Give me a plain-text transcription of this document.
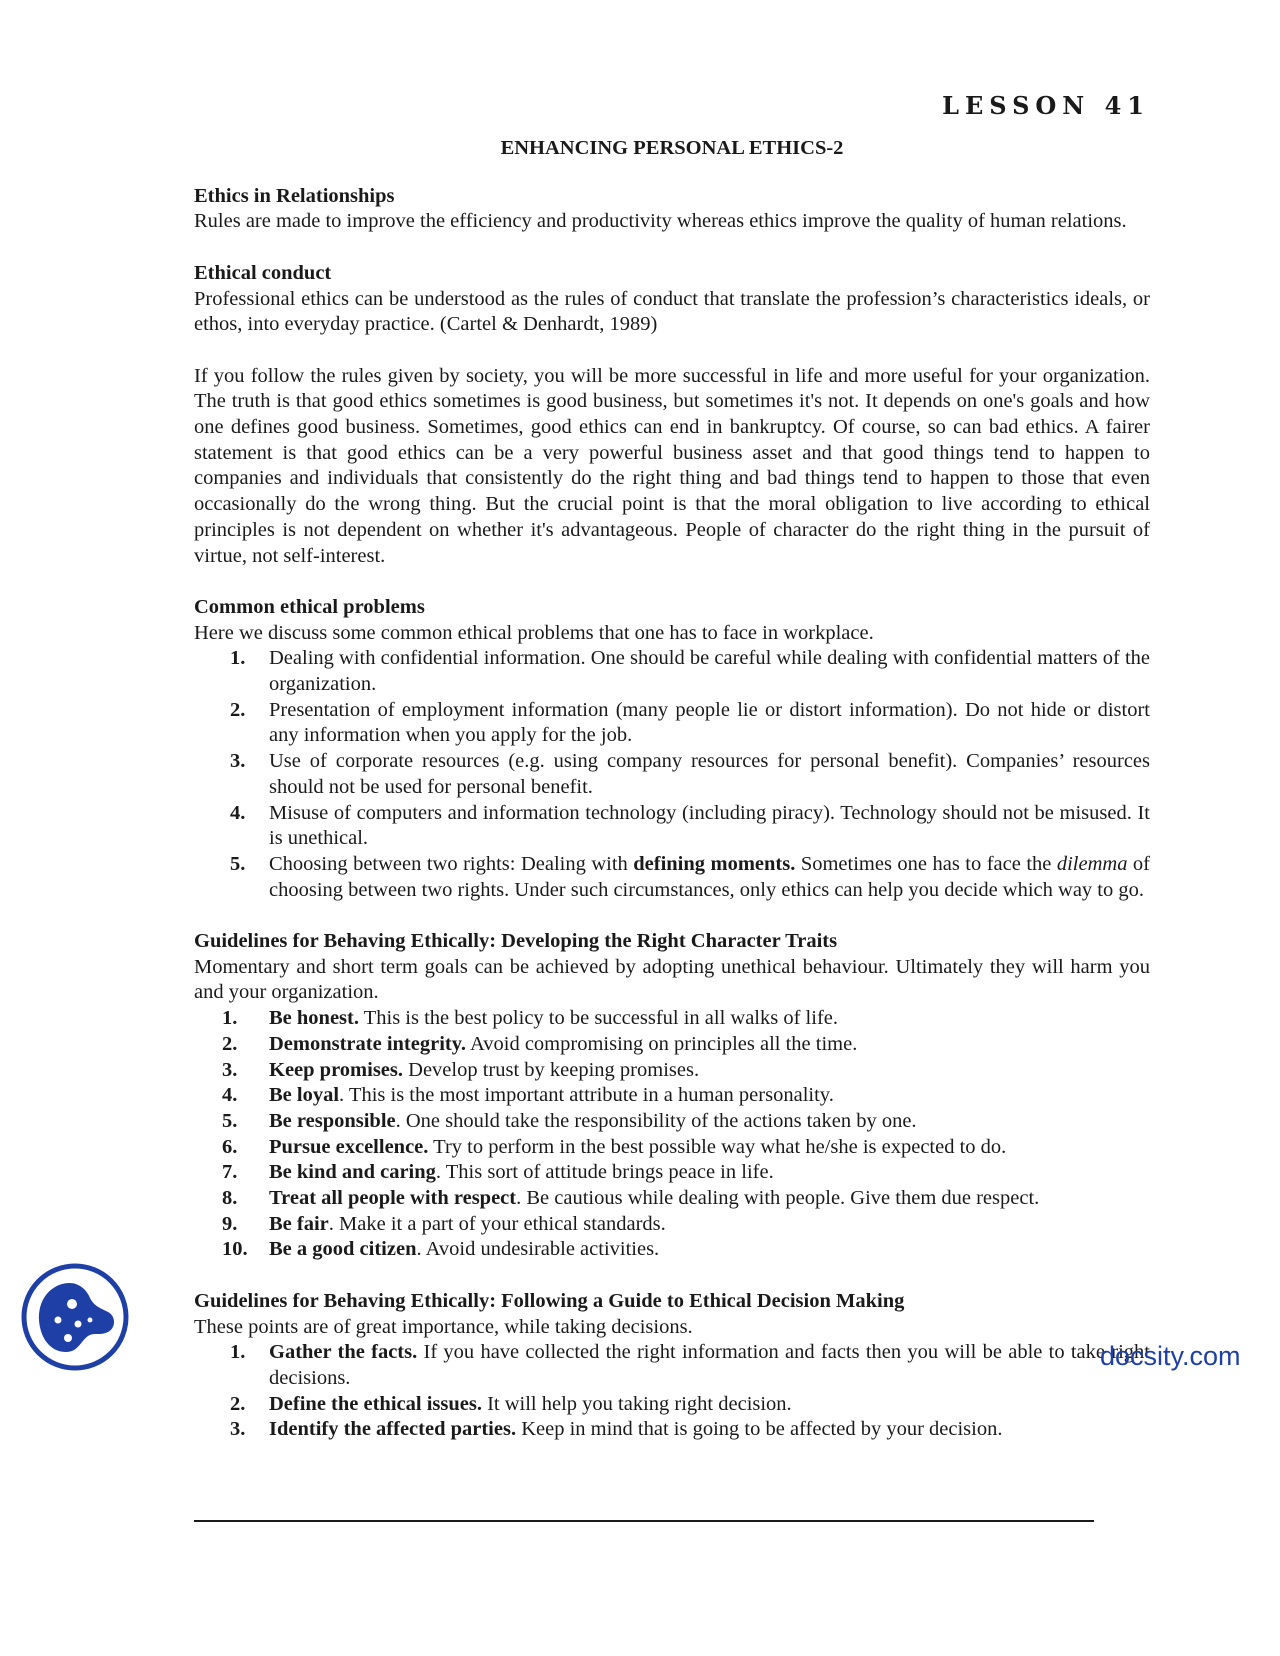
LESSON 41
ENHANCING PERSONAL ETHICS-2
Ethics in Relationships

Rules are made to improve the efficiency and productivity whereas ethics improve the quality of human relations.

Ethical conduct

Professional ethics can be understood as the rules of conduct that translate the profession’s characteristics ideals, or ethos, into everyday practice. (Cartel & Denhardt, 1989)

If you follow the rules given by society, you will be more successful in life and more useful for your organization. The truth is that good ethics sometimes is good business, but sometimes it's not. It depends on one's goals and how one defines good business. Sometimes, good ethics can end in bankruptcy. Of course, so can bad ethics. A fairer statement is that good ethics can be a very powerful business asset and that good things tend to happen to companies and individuals that consistently do the right thing and bad things tend to happen to those that even occasionally do the wrong thing. But the crucial point is that the moral obligation to live according to ethical principles is not dependent on whether it's advantageous. People of character do the right thing in the pursuit of virtue, not self-interest.

Common ethical problems

Here we discuss some common ethical problems that one has to face in workplace.

1.	Dealing with confidential information. One should be careful while dealing with confidential matters of the organization.
2.	Presentation of employment information (many people lie or distort information). Do not hide or distort any information when you apply for the job.
3.	Use of corporate resources (e.g. using company resources for personal benefit). Companies’ resources should not be used for personal benefit.
4.	Misuse of computers and information technology (including piracy). Technology should not be misused. It is unethical.
5.	Choosing between two rights: Dealing with defining moments. Sometimes one has to face the dilemma of choosing between two rights. Under such circumstances, only ethics can help you decide which way to go.
Guidelines for Behaving Ethically: Developing the Right Character Traits

Momentary and short term goals can be achieved by adopting unethical behaviour. Ultimately they will harm you and your organization.

1.	Be honest. This is the best policy to be successful in all walks of life.
2.	Demonstrate integrity. Avoid compromising on principles all the time.
3.	Keep promises. Develop trust by keeping promises.
4.	Be loyal. This is the most important attribute in a human personality.
5.	Be responsible. One should take the responsibility of the actions taken by one.
6.	Pursue excellence. Try to perform in the best possible way what he/she is expected to do.
7.	Be kind and caring. This sort of attitude brings peace in life.
8.	Treat all people with respect. Be cautious while dealing with people. Give them due respect.
9.	Be fair. Make it a part of your ethical standards.
10.	Be a good citizen. Avoid undesirable activities.
Guidelines for Behaving Ethically: Following a Guide to Ethical Decision Making

These points are of great importance, while taking decisions.

1.	Gather the facts. If you have collected the right information and facts then you will be able to take right decisions.
2.	Define the ethical issues. It will help you taking right decision.
3.	Identify the affected parties. Keep in mind that is going to be affected by your decision.
docsity.com
